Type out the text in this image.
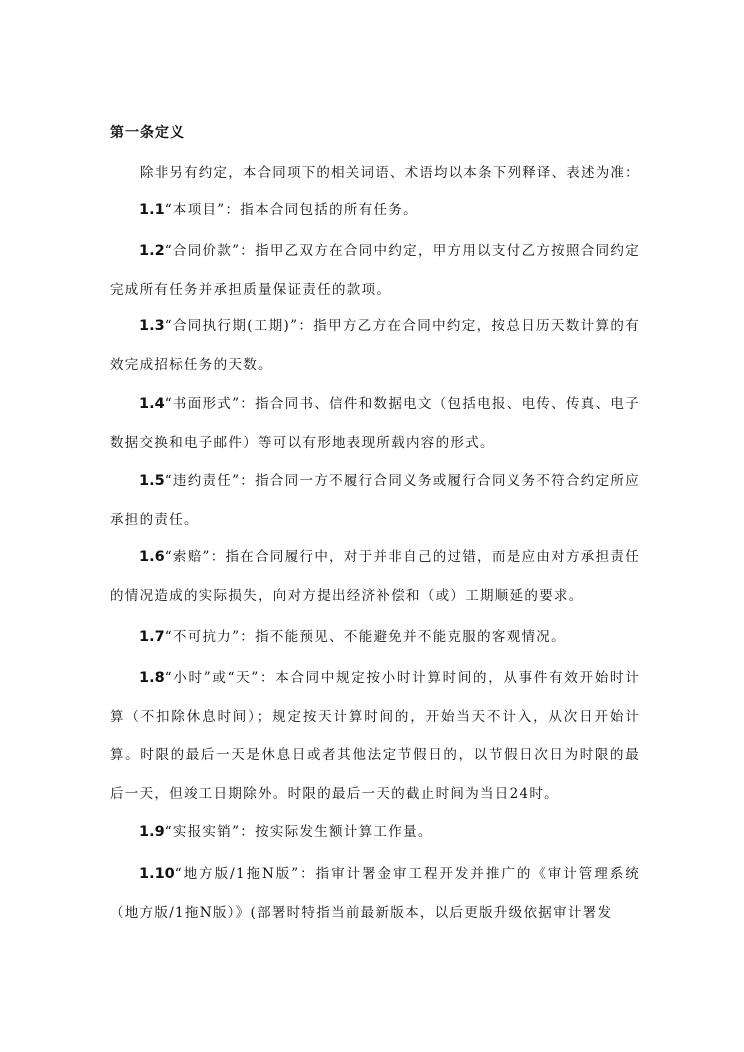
第一条定义
除非另有约定，本合同项下的相关词语、术语均以本条下列释译、表述为准：

1.1“本项目”：指本合同包括的所有任务。

1.2“合同价款”：指甲乙双方在合同中约定，甲方用以支付乙方按照合同约定完成所有任务并承担质量保证责任的款项。

1.3“合同执行期(工期)”：指甲方乙方在合同中约定，按总日历天数计算的有效完成招标任务的天数。

1.4“书面形式”：指合同书、信件和数据电文（包括电报、电传、传真、电子数据交换和电子邮件）等可以有形地表现所载内容的形式。

1.5“违约责任”：指合同一方不履行合同义务或履行合同义务不符合约定所应承担的责任。

1.6“索赔”：指在合同履行中，对于并非自己的过错，而是应由对方承担责任的情况造成的实际损失，向对方提出经济补偿和（或）工期顺延的要求。

1.7“不可抗力”：指不能预见、不能避免并不能克服的客观情况。

1.8“小时”或“天”：本合同中规定按小时计算时间的，从事件有效开始时计算（不扣除休息时间）；规定按天计算时间的，开始当天不计入，从次日开始计算。时限的最后一天是休息日或者其他法定节假日的，以节假日次日为时限的最后一天，但竣工日期除外。时限的最后一天的截止时间为当日24时。

1.9“实报实销”：按实际发生额计算工作量。

1.10“地方版/1拖N版”：指审计署金审工程开发并推广的《审计管理系统（地方版/1拖N版）》(部署时特指当前最新版本，以后更版升级依据审计署发
